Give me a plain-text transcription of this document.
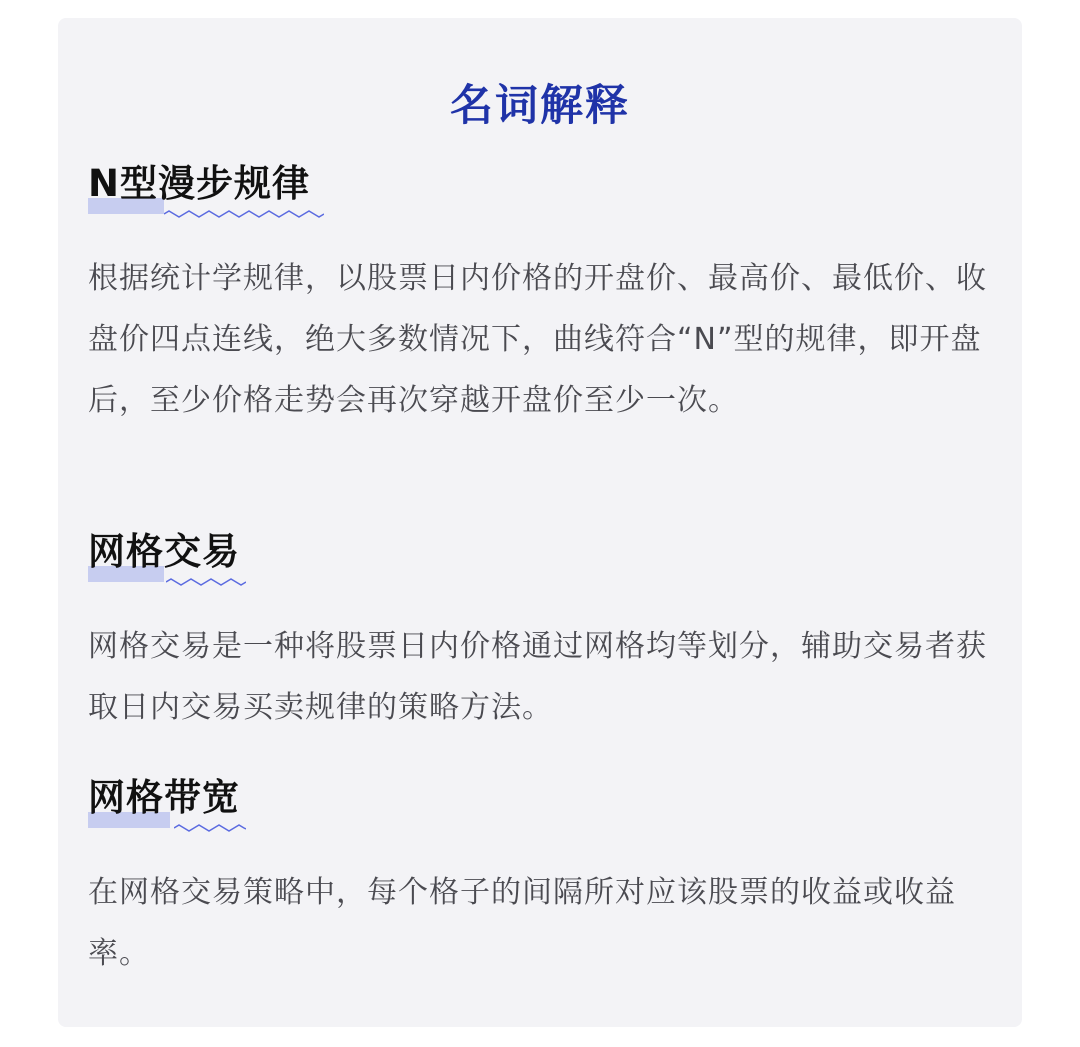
名词解释
N型漫步规律
根据统计学规律，以股票日内价格的开盘价、最高价、最低价、收盘价四点连线，绝大多数情况下，曲线符合“N”型的规律，即开盘后，至少价格走势会再次穿越开盘价至少一次。
网格交易
网格交易是一种将股票日内价格通过网格均等划分，辅助交易者获取日内交易买卖规律的策略方法。
网格带宽
在网格交易策略中，每个格子的间隔所对应该股票的收益或收益率。
